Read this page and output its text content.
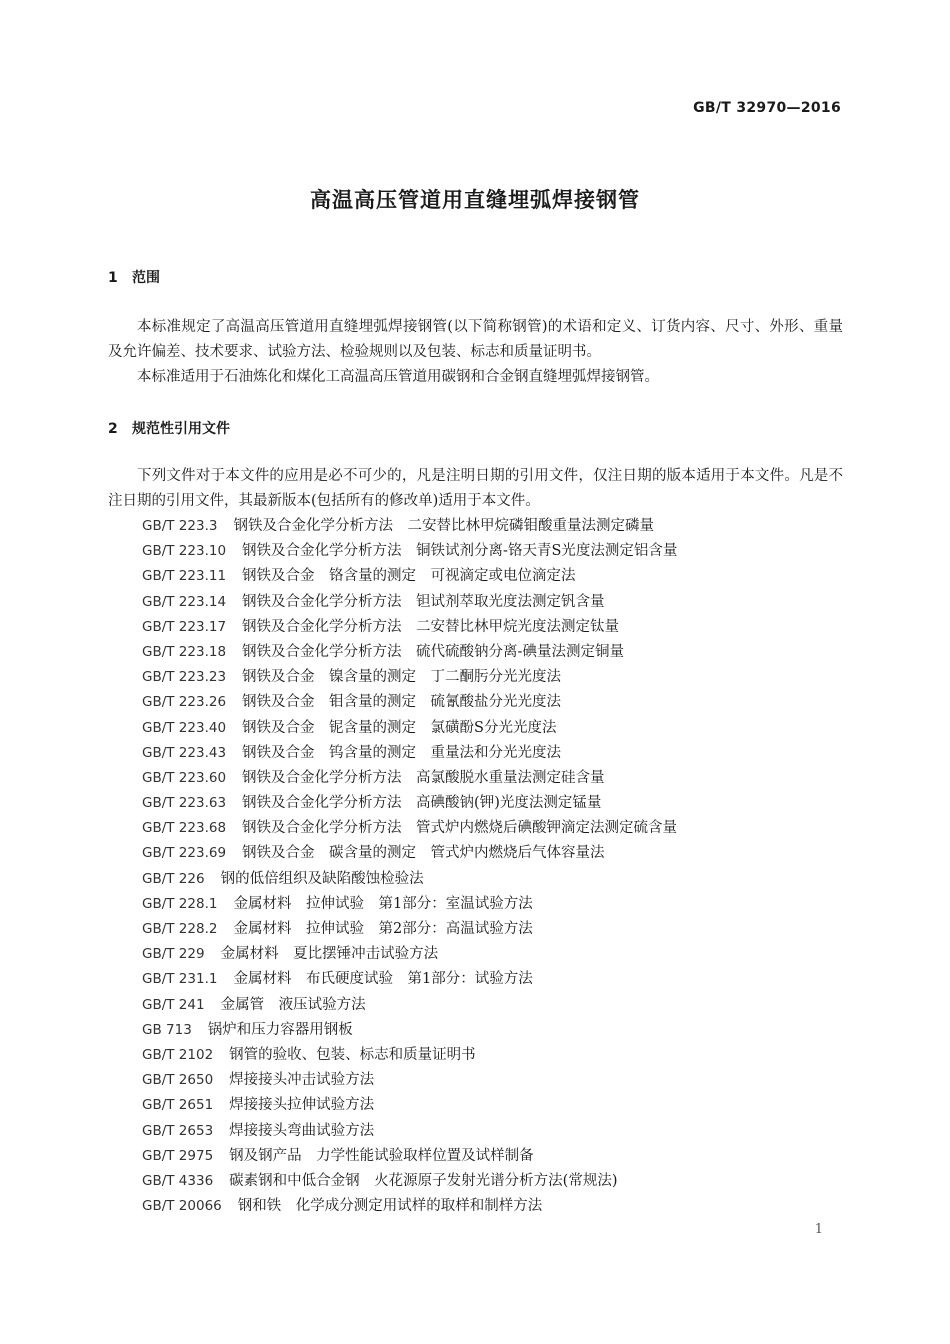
GB/T 32970—2016
高温高压管道用直缝埋弧焊接钢管
1 范围

本标准规定了高温高压管道用直缝埋弧焊接钢管(以下简称钢管)的术语和定义、订货内容、尺寸、外形、重量及允许偏差、技术要求、试验方法、检验规则以及包装、标志和质量证明书。

本标准适用于石油炼化和煤化工高温高压管道用碳钢和合金钢直缝埋弧焊接钢管。

2 规范性引用文件

下列文件对于本文件的应用是必不可少的，凡是注明日期的引用文件，仅注日期的版本适用于本文件。凡是不注日期的引用文件，其最新版本(包括所有的修改单)适用于本文件。

GB/T 223.3 钢铁及合金化学分析方法　二安替比林甲烷磷钼酸重量法测定磷量
GB/T 223.10 钢铁及合金化学分析方法　铜铁试剂分离-铬天青S光度法测定铝含量
GB/T 223.11 钢铁及合金　铬含量的测定　可视滴定或电位滴定法
GB/T 223.14 钢铁及合金化学分析方法　钽试剂萃取光度法测定钒含量
GB/T 223.17 钢铁及合金化学分析方法　二安替比林甲烷光度法测定钛量
GB/T 223.18 钢铁及合金化学分析方法　硫代硫酸钠分离-碘量法测定铜量
GB/T 223.23 钢铁及合金　镍含量的测定　丁二酮肟分光光度法
GB/T 223.26 钢铁及合金　钼含量的测定　硫氰酸盐分光光度法
GB/T 223.40 钢铁及合金　铌含量的测定　氯磺酚S分光光度法
GB/T 223.43 钢铁及合金　钨含量的测定　重量法和分光光度法
GB/T 223.60 钢铁及合金化学分析方法　高氯酸脱水重量法测定硅含量
GB/T 223.63 钢铁及合金化学分析方法　高碘酸钠(钾)光度法测定锰量
GB/T 223.68 钢铁及合金化学分析方法　管式炉内燃烧后碘酸钾滴定法测定硫含量
GB/T 223.69 钢铁及合金　碳含量的测定　管式炉内燃烧后气体容量法
GB/T 226 钢的低倍组织及缺陷酸蚀检验法
GB/T 228.1 金属材料　拉伸试验　第1部分：室温试验方法
GB/T 228.2 金属材料　拉伸试验　第2部分：高温试验方法
GB/T 229 金属材料　夏比摆锤冲击试验方法
GB/T 231.1 金属材料　布氏硬度试验　第1部分：试验方法
GB/T 241 金属管　液压试验方法
GB 713 锅炉和压力容器用钢板
GB/T 2102 钢管的验收、包装、标志和质量证明书
GB/T 2650 焊接接头冲击试验方法
GB/T 2651 焊接接头拉伸试验方法
GB/T 2653 焊接接头弯曲试验方法
GB/T 2975 钢及钢产品　力学性能试验取样位置及试样制备
GB/T 4336 碳素钢和中低合金钢　火花源原子发射光谱分析方法(常规法)
GB/T 20066 钢和铁　化学成分测定用试样的取样和制样方法
1
